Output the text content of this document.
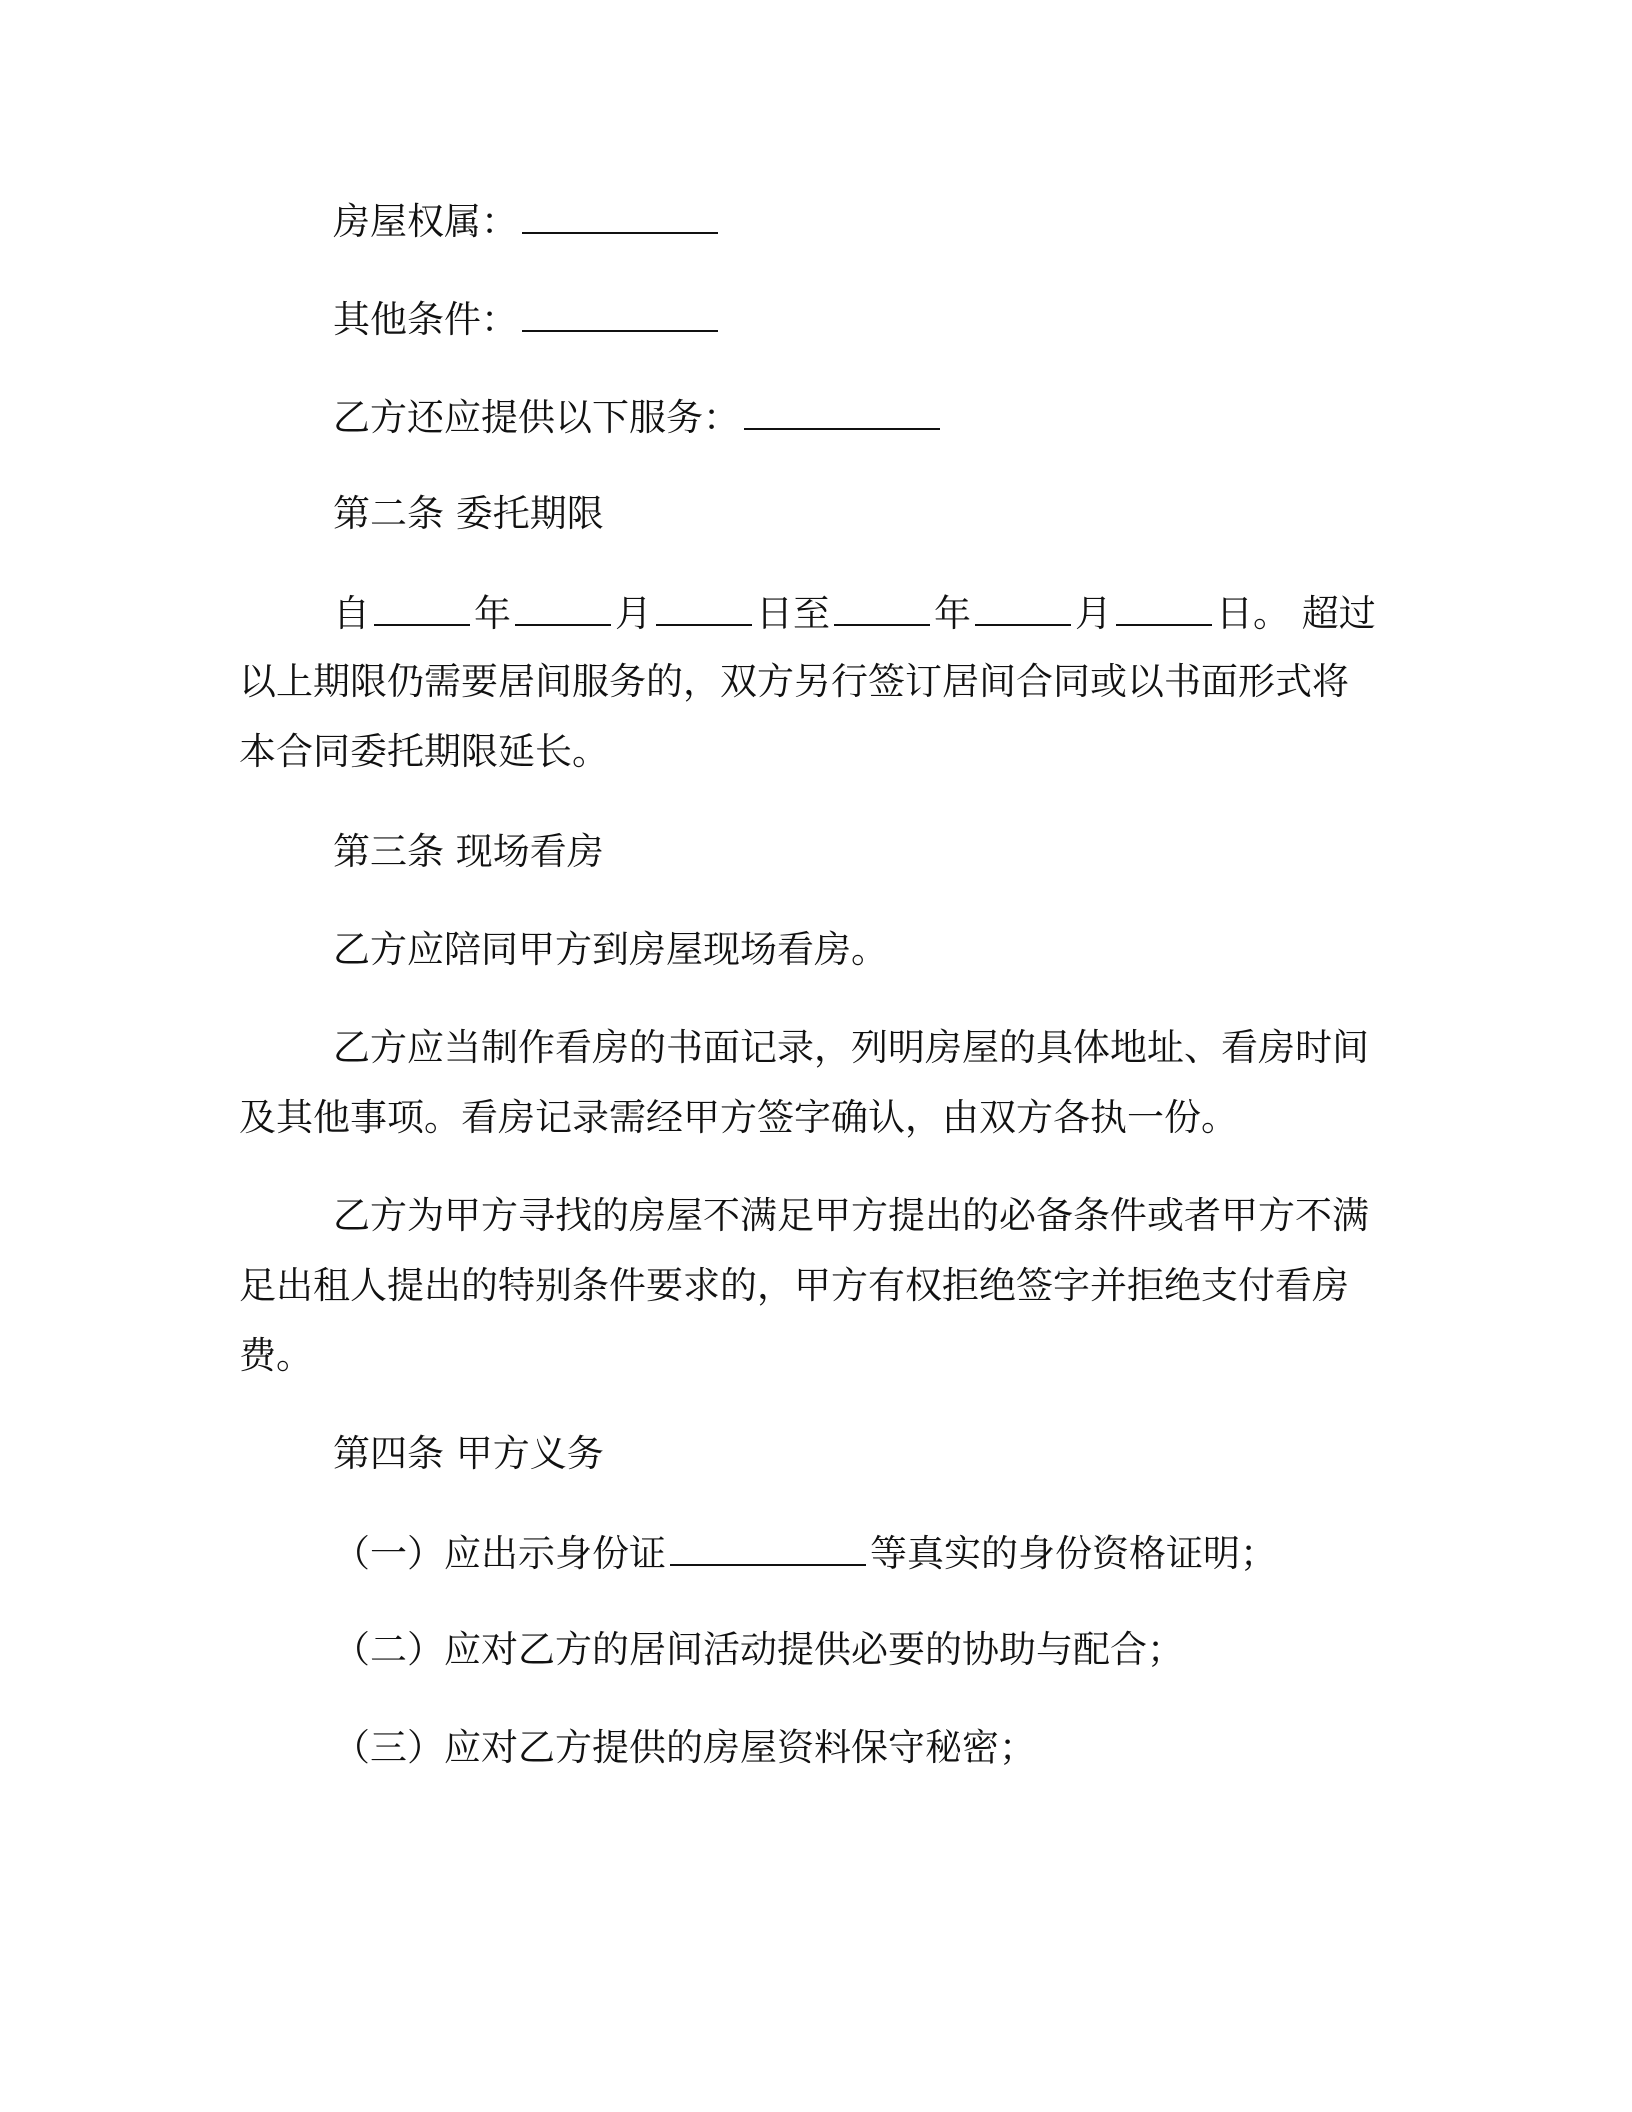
房屋权属：
其他条件：
乙方还应提供以下服务：
第二条 委托期限
自	年	月	日至	年	月	日。 超过
以上期限仍需要居间服务的，双方另行签订居间合同或以书面形式将
本合同委托期限延长。
第三条 现场看房
乙方应陪同甲方到房屋现场看房。
乙方应当制作看房的书面记录，列明房屋的具体地址、看房时间
及其他事项。看房记录需经甲方签字确认，由双方各执一份。
乙方为甲方寻找的房屋不满足甲方提出的必备条件或者甲方不满
足出租人提出的特别条件要求的，甲方有权拒绝签字并拒绝支付看房
费。
第四条 甲方义务
（一）应出示身份证	等真实的身份资格证明；
（二）应对乙方的居间活动提供必要的协助与配合；
（三）应对乙方提供的房屋资料保守秘密；
